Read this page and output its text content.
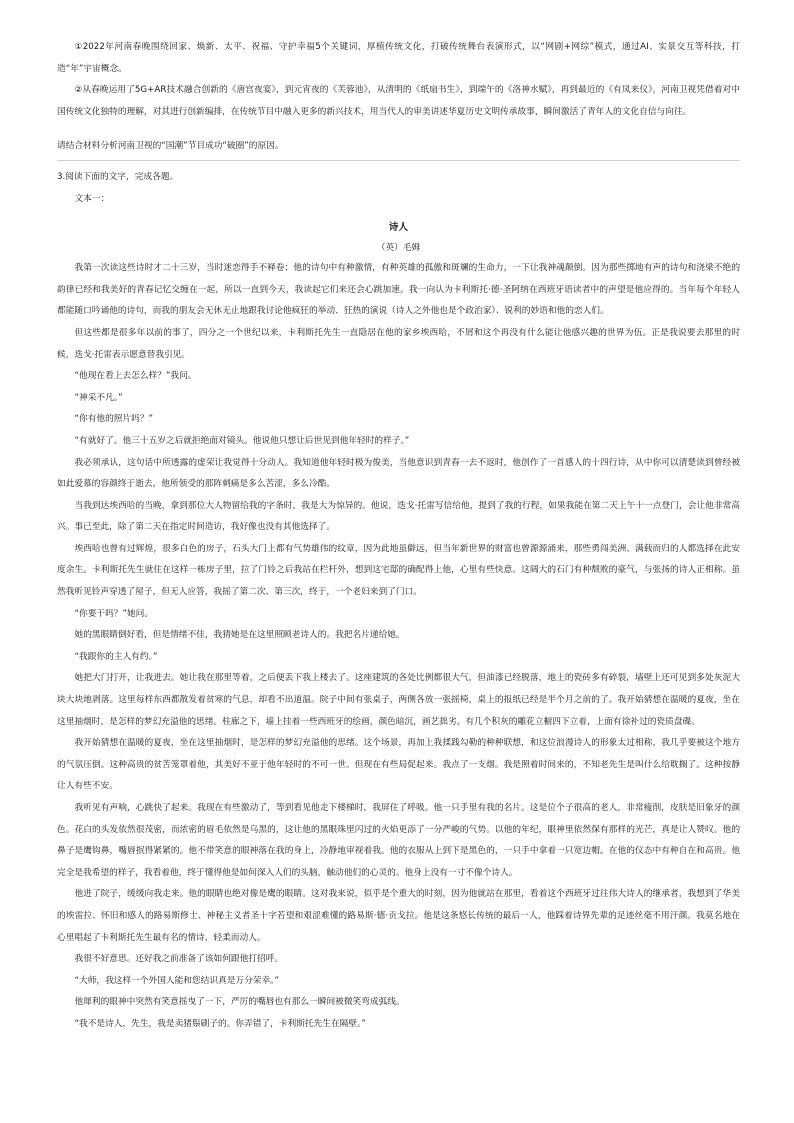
①2022年河南春晚围绕回家、焕新、太平、祝福、守护幸福5个关键词，厚植传统文化，打破传统舞台表演形式，以“网剧+网综”模式，通过AI、实景交互等科技，打造“年”宇宙概念。

②从春晚运用了5G+AR技术融合创新的《唐宫夜宴》，到元宵夜的《芙蓉池》，从清明的《纸扇书生》，到端午的《洛神水赋》，再到最近的《有凤来仪》，河南卫视凭借着对中国传统文化独特的理解，对其进行创新编排，在传统节目中融入更多的新兴技术，用当代人的审美讲述华夏历史文明传承故事，瞬间激活了青年人的文化自信与向往。

请结合材料分析河南卫视的“国潮”节目成功“破圈”的原因。

3.阅读下面的文字，完成各题。

文本一：

诗人

（英）毛姆

我第一次读这些诗时才二十三岁，当时迷恋得手不释卷；他的诗句中有种激情，有种英雄的孤傲和斑斓的生命力，一下让我神魂颠倒。因为那些掷地有声的诗句和浇梁不绝的韵律已经和我美好的青春记忆交缠在一起，所以一直到今天，我读起它们来还会心跳加速。我一向认为卡利斯托·德·圣阿纳在西班牙语读者中的声望是他应得的。当年每个年轻人都能随口吟诵他的诗句，而我的朋友会无休无止地跟我讨论他疯狂的举动、狂热的演说（诗人之外他也是个政治家）、锐利的妙语和他的恋人们。

但这些都是很多年以前的事了，四分之一个世纪以来，卡利斯托先生一直隐居在他的家乡埃西哈，不屑和这个再没有什么能让他感兴趣的世界为伍。正是我说要去那里的时候，迭戈·托雷表示愿意替我引见。

“他现在看上去怎么样？”我问。

“神采不凡。”

“你有他的照片吗？”

“有就好了。他三十五岁之后就拒绝面对镜头。他说他只想让后世见到他年轻时的样子。”

我必须承认，这句话中所透露的虚荣让我觉得十分动人。我知道他年轻时极为俊美，当他意识到青春一去不返时，他创作了一首感人的十四行诗，从中你可以清楚读到曾经被如此爱慕的容颜终于逝去，他所领受的那阵刺痛是多么苦涩，多么冷酷。

当我到达埃西哈的当晚，拿到那位大人物留给我的字条时，我是大为惊异的。他说，迭戈·托雷写信给他，提到了我的行程，如果我能在第二天上午十一点登门，会让他非常高兴。事已至此，除了第二天在指定时间造访，我好像也没有其他选择了。

埃西哈也曾有过辉煌，很多白色的房子，石头大门上都有气势雄伟的纹章，因为此地虽僻远，但当年新世界的财富也曾源源涌来，那些勇闯美洲、满载而归的人都选择在此安度余生。卡利斯托先生就住在这样一栋房子里，拉了门铃之后我站在栏杆外，想到这宅邸的确配得上他，心里有些快意。这阔大的石门有种颓败的豪气，与张扬的诗人正相称。虽然我听见铃声穿透了屋子，但无人应答，我摇了第二次、第三次，终于，一个老妇来到了门口。

“你要干吗？”她问。

她的黑眼睛倒好看，但是情绪不佳，我猜她是在这里照顾老诗人的。我把名片递给她。

“我跟你的主人有约。”

她把大门打开，让我进去。她让我在那里等着，之后便丢下我上楼去了。这座建筑的各处比例都很大气，但油漆已经脱落，地上的瓷砖多有碎裂，墙壁上还可见到多处灰泥大块大块地剥落。这里每样东西都散发着贫寒的气息，却看不出道温。院子中间有张桌子，两侧各放一张摇椅，桌上的报纸已经是半个月之前的了。我开始猜想在温暖的夏夜，坐在这里抽烟时，是怎样的梦幻充溢他的思绪。柱廊之下，墙上挂着一些西班牙的绘画，颜色暗沉，画艺拙劣。有几个积灰的雕花立橱四下立着，上面有徐补过的瓷质盘碟。

我开始猜想在温暖的夏夜，坐在这里抽烟时，是怎样的梦幻充溢他的思绪。这个场景，再加上我揉践勾勒的种种联想，和这位浪漫诗人的形象太过相称，我几乎要被这个地方的气氛压倒。这种高贵的贫苦笼罩着他，其美好不亚于他年轻时的不可一世。但现在有些局促起来。我点了一支烟。我是照着时间来的，不知老先生是叫什么给耽搁了。这种按静让人有些不安。

我听见有声响，心跳快了起来。我现在有些激动了，等到看见他走下楼梯时，我屏住了呼吸。他一只手里有我的名片。这是位个子很高的老人，非常瘦削，皮肤是旧象牙的颜色。花白的头发依然很茂密，而浓密的眉毛依然是乌黑的，这让他的黑眼珠里闪过的火焰更添了一分严峻的气势。以他的年纪，眼神里依然保有那样的光芒，真是让人赞叹。他的鼻子是鹰钩鼻，嘴唇抿得紧紧的。他不带笑意的眼神落在我的身上，冷静地审视着我。他的衣服从上到下是黑色的，一只手中拿着一只宽边帽。在他的仪态中有种自在和高贵。他完全是我希望的样子，我看着他，终于懂得他是如何深入人们的头脑，触动他们的心灵的。他身上没有一寸不像个诗人。

他进了院子，缓缓向我走来。他的眼睛也绝对像是鹰的眼睛。这对我来说，似乎是个重大的时刻，因为他就站在那里，看着这个西班牙过往伟大诗人的继承者，我想到了华美的埃雷拉、怀旧和感人的路易斯修士、神秘主义者圣十字若望和艰涩难懂的路易斯·德·贡戈拉。他是这条悠长传统的最后一人，他踩着诗界先辈的足迹丝毫不用汗颜。我莫名地在心里唱起了卡利斯托先生最有名的情诗，轻柔而动人。

我很不好意思。还好我之前准备了该如何跟他打招呼。

“大师，我这样一个外国人能和您结识真是万分荣幸。”

他犀利的眼神中突然有笑意摇曳了一下，严厉的嘴唇也有那么一瞬间被微笑弯成弧线。

“我不是诗人，先生，我是卖猪鬃刷子的。你弄错了，卡利斯托先生在隔壁。”
